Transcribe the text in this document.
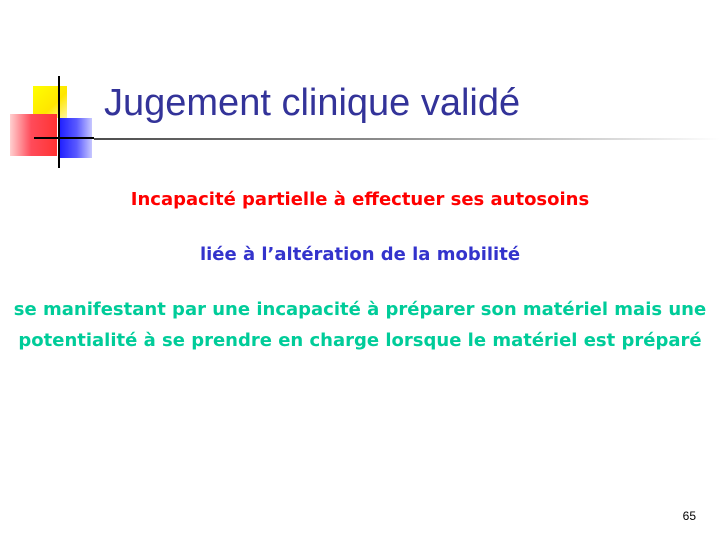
Jugement clinique validé
Incapacité partielle à effectuer ses autosoins
liée à l’altération de la mobilité

se manifestant par une incapacité à préparer son matériel mais une

potentialité à se prendre en charge lorsque le matériel est préparé

65
